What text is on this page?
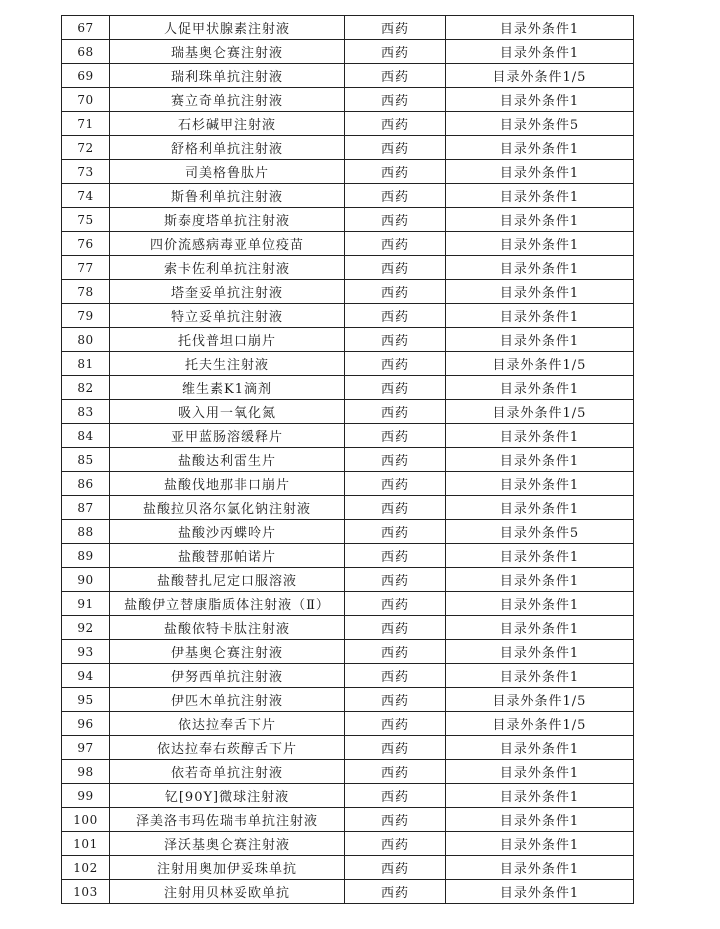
67	人促甲状腺素注射液	西药	目录外条件1
68	瑞基奥仑赛注射液	西药	目录外条件1
69	瑞利珠单抗注射液	西药	目录外条件1/5
70	赛立奇单抗注射液	西药	目录外条件1
71	石杉碱甲注射液	西药	目录外条件5
72	舒格利单抗注射液	西药	目录外条件1
73	司美格鲁肽片	西药	目录外条件1
74	斯鲁利单抗注射液	西药	目录外条件1
75	斯泰度塔单抗注射液	西药	目录外条件1
76	四价流感病毒亚单位疫苗	西药	目录外条件1
77	索卡佐利单抗注射液	西药	目录外条件1
78	塔奎妥单抗注射液	西药	目录外条件1
79	特立妥单抗注射液	西药	目录外条件1
80	托伐普坦口崩片	西药	目录外条件1
81	托夫生注射液	西药	目录外条件1/5
82	维生素K1滴剂	西药	目录外条件1
83	吸入用一氧化氮	西药	目录外条件1/5
84	亚甲蓝肠溶缓释片	西药	目录外条件1
85	盐酸达利雷生片	西药	目录外条件1
86	盐酸伐地那非口崩片	西药	目录外条件1
87	盐酸拉贝洛尔氯化钠注射液	西药	目录外条件1
88	盐酸沙丙蝶呤片	西药	目录外条件5
89	盐酸替那帕诺片	西药	目录外条件1
90	盐酸替扎尼定口服溶液	西药	目录外条件1
91	盐酸伊立替康脂质体注射液（Ⅱ）	西药	目录外条件1
92	盐酸依特卡肽注射液	西药	目录外条件1
93	伊基奥仑赛注射液	西药	目录外条件1
94	伊努西单抗注射液	西药	目录外条件1
95	伊匹木单抗注射液	西药	目录外条件1/5
96	依达拉奉舌下片	西药	目录外条件1/5
97	依达拉奉右莰醇舌下片	西药	目录外条件1
98	依若奇单抗注射液	西药	目录外条件1
99	钇[90Y]微球注射液	西药	目录外条件1
100	泽美洛韦玛佐瑞韦单抗注射液	西药	目录外条件1
101	泽沃基奥仑赛注射液	西药	目录外条件1
102	注射用奥加伊妥珠单抗	西药	目录外条件1
103	注射用贝林妥欧单抗	西药	目录外条件1
